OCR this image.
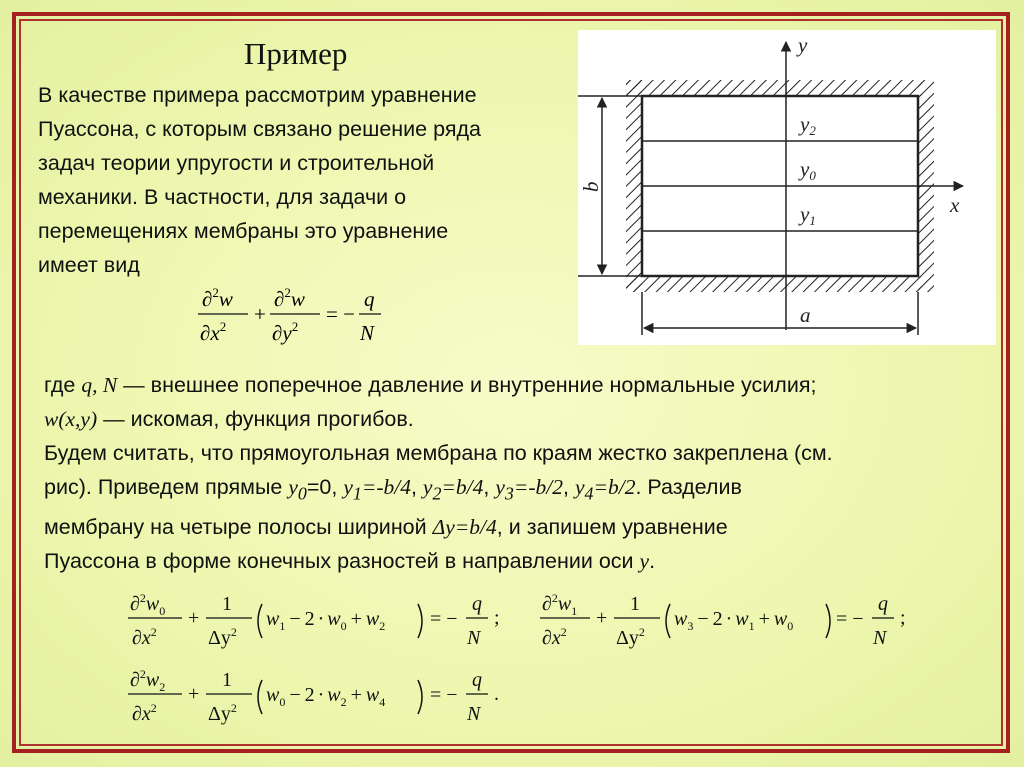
Пример
В качестве примера рассмотрим уравнение
Пуассона, с которым связано решение ряда
задач теории упругости и строительной
механики. В частности, для задачи о
перемещениях мембраны это уравнение
имеет вид
∂$^2$w
$\partial x^2$
+
∂$^2$w
$\partial y^2$
= −
q
N
y
x
b
a
y2
y0
y1
где q, N — внешнее поперечное давление и внутренние нормальные усилия;
w(x,y) — искомая, функция прогибов.
Будем считать, что прямоугольная мембрана по краям жестко закреплена (см.
рис). Приведем прямые $y_0=0$, $y_1=-b/4$, $y_2=b/4$, $y_3=-b/2$, $y_4=b/2$. Разделив
мембрану на четыре полосы шириной Δy=b/4, и запишем уравнение
Пуассона в форме конечных разностей в направлении оси y.
$\partial^2w_0$
$\partial x^2$
+
1
$\Delta y^2$
$w_1 - 2 \cdot w_0 + w_2$ = −
q
N
;
$\partial^2w_1$
$\partial x^2$
+
1
$\Delta y^2$
$w_3 - 2 \cdot w_1 + w_0$ = −
q
N
;
$\partial^2w_2$
$\partial x^2$
+
1
$\Delta y^2$
$w_0 - 2 \cdot w_2 + w_4$ = −
q
N
.
